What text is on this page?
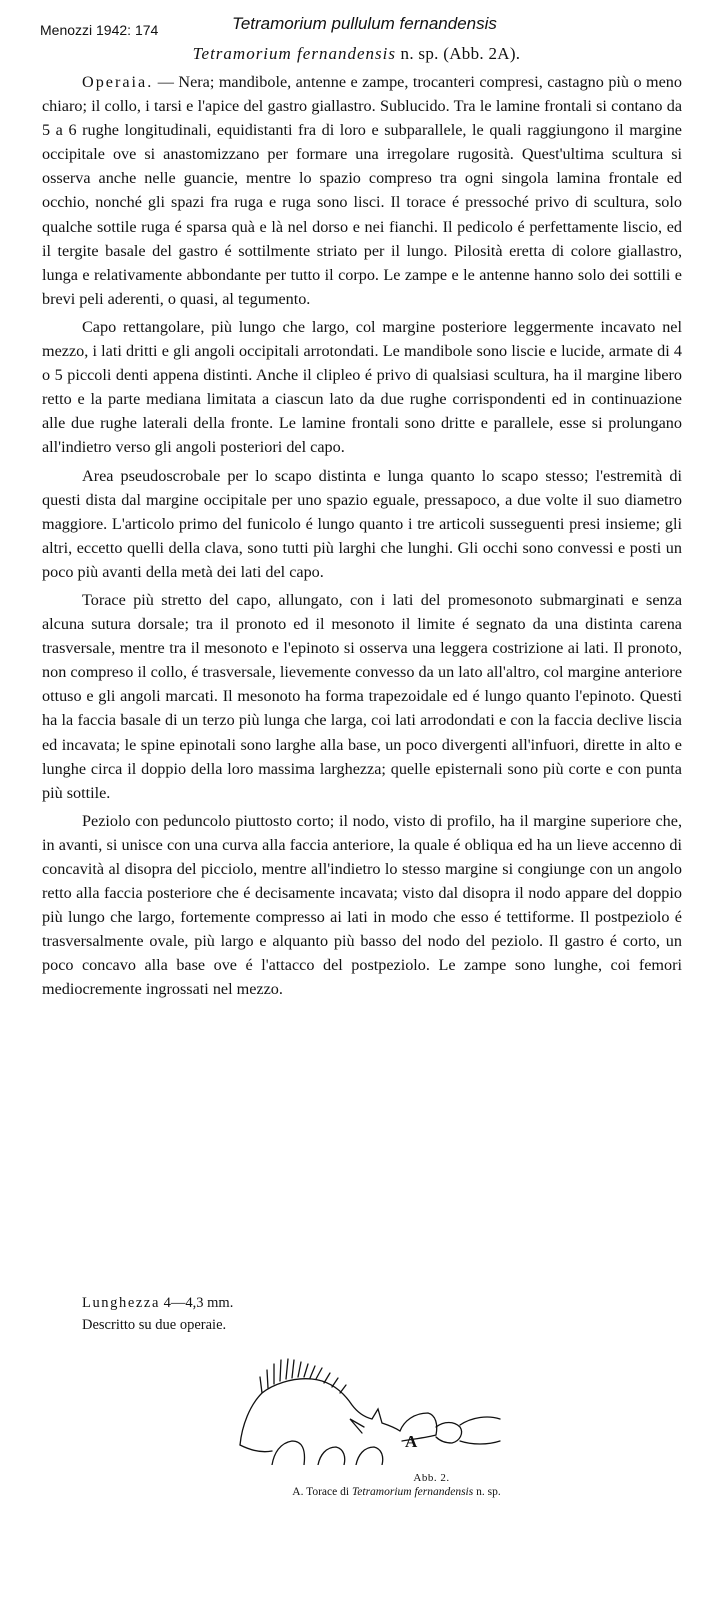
Menozzi 1942: 174	Tetramorium pullulum fernandensis
Tetramorium fernandensis n. sp. (Abb. 2A).

Operaia. — Nera; mandibole, antenne e zampe, trocanteri compresi, castagno più o meno chiaro; il collo, i tarsi e l'apice del gastro giallastro. Sublucido. Tra le lamine frontali si contano da 5 a 6 rughe longitudinali, equidistanti fra di loro e subparallele, le quali raggiungono il margine occipitale ove si anastomizzano per formare una irregolare rugosità. Quest'ultima scultura si osserva anche nelle guancie, mentre lo spazio compreso tra ogni singola lamina frontale ed occhio, nonché gli spazi fra ruga e ruga sono lisci. Il torace é pressoché privo di scultura, solo qualche sottile ruga é sparsa quà e là nel dorso e nei fianchi. Il pedicolo é perfettamente liscio, ed il tergite basale del gastro é sottilmente striato per il lungo. Pilosità eretta di colore giallastro, lunga e relativamente abbondante per tutto il corpo. Le zampe e le antenne hanno solo dei sottili e brevi peli aderenti, o quasi, al tegumento.

Capo rettangolare, più lungo che largo, col margine posteriore leggermente incavato nel mezzo, i lati dritti e gli angoli occipitali arrotondati. Le mandibole sono liscie e lucide, armate di 4 o 5 piccoli denti appena distinti. Anche il clipleo é privo di qualsiasi scultura, ha il margine libero retto e la parte mediana limitata a ciascun lato da due rughe corrispondenti ed in continuazione alle due rughe laterali della fronte. Le lamine frontali sono dritte e parallele, esse si prolungano all'indietro verso gli angoli posteriori del capo.

Area pseudoscrobale per lo scapo distinta e lunga quanto lo scapo stesso; l'estremità di questi dista dal margine occipitale per uno spazio eguale, pressapoco, a due volte il suo diametro maggiore. L'articolo primo del funicolo é lungo quanto i tre articoli susseguenti presi insieme; gli altri, eccetto quelli della clava, sono tutti più larghi che lunghi. Gli occhi sono convessi e posti un poco più avanti della metà dei lati del capo.

Torace più stretto del capo, allungato, con i lati del promesonoto submarginati e senza alcuna sutura dorsale; tra il pronoto ed il mesonoto il limite é segnato da una distinta carena trasversale, mentre tra il mesonoto e l'epinoto si osserva una leggera costrizione ai lati. Il pronoto, non compreso il collo, é trasversale, lievemente convesso da un lato all'altro, col margine anteriore ottuso e gli angoli marcati. Il mesonoto ha forma trapezoidale ed é lungo quanto l'epinoto. Questi ha la faccia basale di un terzo più lunga che larga, coi lati arrodondati e con la faccia declive liscia ed incavata; le spine epinotali sono larghe alla base, un poco divergenti all'infuori, dirette in alto e lunghe circa il doppio della loro massima larghezza; quelle episternali sono più corte e con punta più sottile.

Peziolo con peduncolo piuttosto corto; il nodo, visto di profilo, ha il margine superiore che, in avanti, si unisce con una curva alla faccia anteriore, la quale é obliqua ed ha un lieve accenno di concavità al disopra del picciolo, mentre all'indietro lo stesso margine si congiunge con un angolo retto alla faccia posteriore che é decisamente incavata; visto dal disopra il nodo appare del doppio più lungo che largo, fortemente compresso ai lati in modo che esso é tettiforme. Il postpeziolo é trasversalmente ovale, più largo e alquanto più basso del nodo del peziolo. Il gastro é corto, un poco concavo alla base ove é l'attacco del postpeziolo. Le zampe sono lunghe, coi femori mediocremente ingrossati nel mezzo.

Lunghezza 4—4,3 mm.
Descritto su due operaie.
A
Abb. 2.
A. Torace di Tetramorium fernandensis n. sp.
